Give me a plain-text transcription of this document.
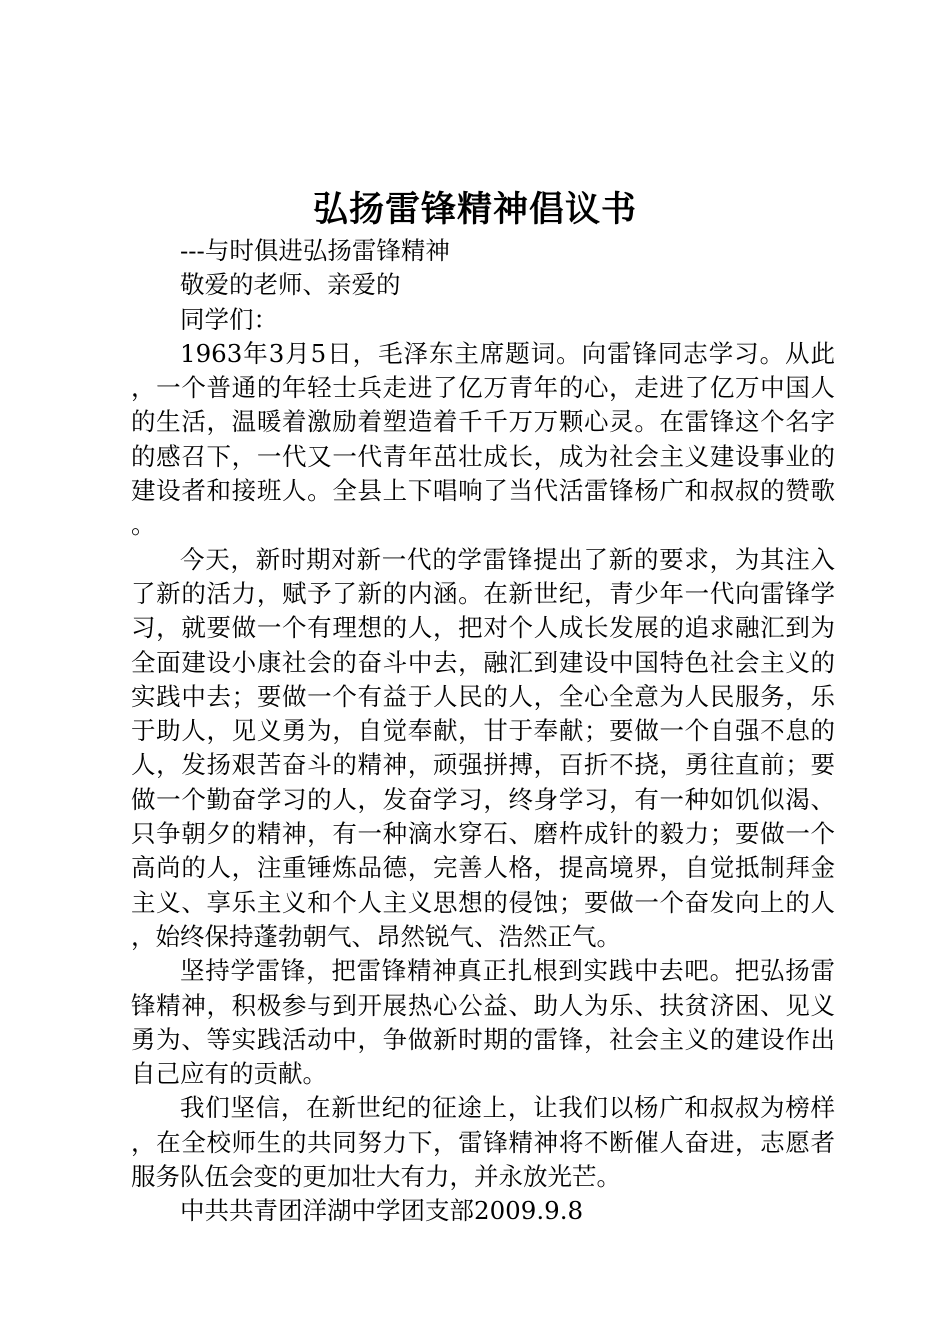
弘扬雷锋精神倡议书

---与时俱进弘扬雷锋精神

敬爱的老师、亲爱的

同学们：

1963年3月5日，毛泽东主席题词。向雷锋同志学习。从此，一个普通的年轻士兵走进了亿万青年的心，走进了亿万中国人的生活，温暖着激励着塑造着千千万万颗心灵。在雷锋这个名字的感召下，一代又一代青年茁壮成长，成为社会主义建设事业的建设者和接班人。全县上下唱响了当代活雷锋杨广和叔叔的赞歌。

今天，新时期对新一代的学雷锋提出了新的要求，为其注入了新的活力，赋予了新的内涵。在新世纪，青少年一代向雷锋学习，就要做一个有理想的人，把对个人成长发展的追求融汇到为全面建设小康社会的奋斗中去，融汇到建设中国特色社会主义的实践中去；要做一个有益于人民的人，全心全意为人民服务，乐于助人，见义勇为，自觉奉献，甘于奉献；要做一个自强不息的人，发扬艰苦奋斗的精神，顽强拼搏，百折不挠，勇往直前；要做一个勤奋学习的人，发奋学习，终身学习，有一种如饥似渴、只争朝夕的精神，有一种滴水穿石、磨杵成针的毅力；要做一个高尚的人，注重锤炼品德，完善人格，提高境界，自觉抵制拜金主义、享乐主义和个人主义思想的侵蚀；要做一个奋发向上的人，始终保持蓬勃朝气、昂然锐气、浩然正气。

坚持学雷锋，把雷锋精神真正扎根到实践中去吧。把弘扬雷锋精神，积极参与到开展热心公益、助人为乐、扶贫济困、见义勇为、等实践活动中，争做新时期的雷锋，社会主义的建设作出自己应有的贡献。

我们坚信，在新世纪的征途上，让我们以杨广和叔叔为榜样，在全校师生的共同努力下，雷锋精神将不断催人奋进，志愿者服务队伍会变的更加壮大有力，并永放光芒。

中共共青团洋湖中学团支部2009.9.8
